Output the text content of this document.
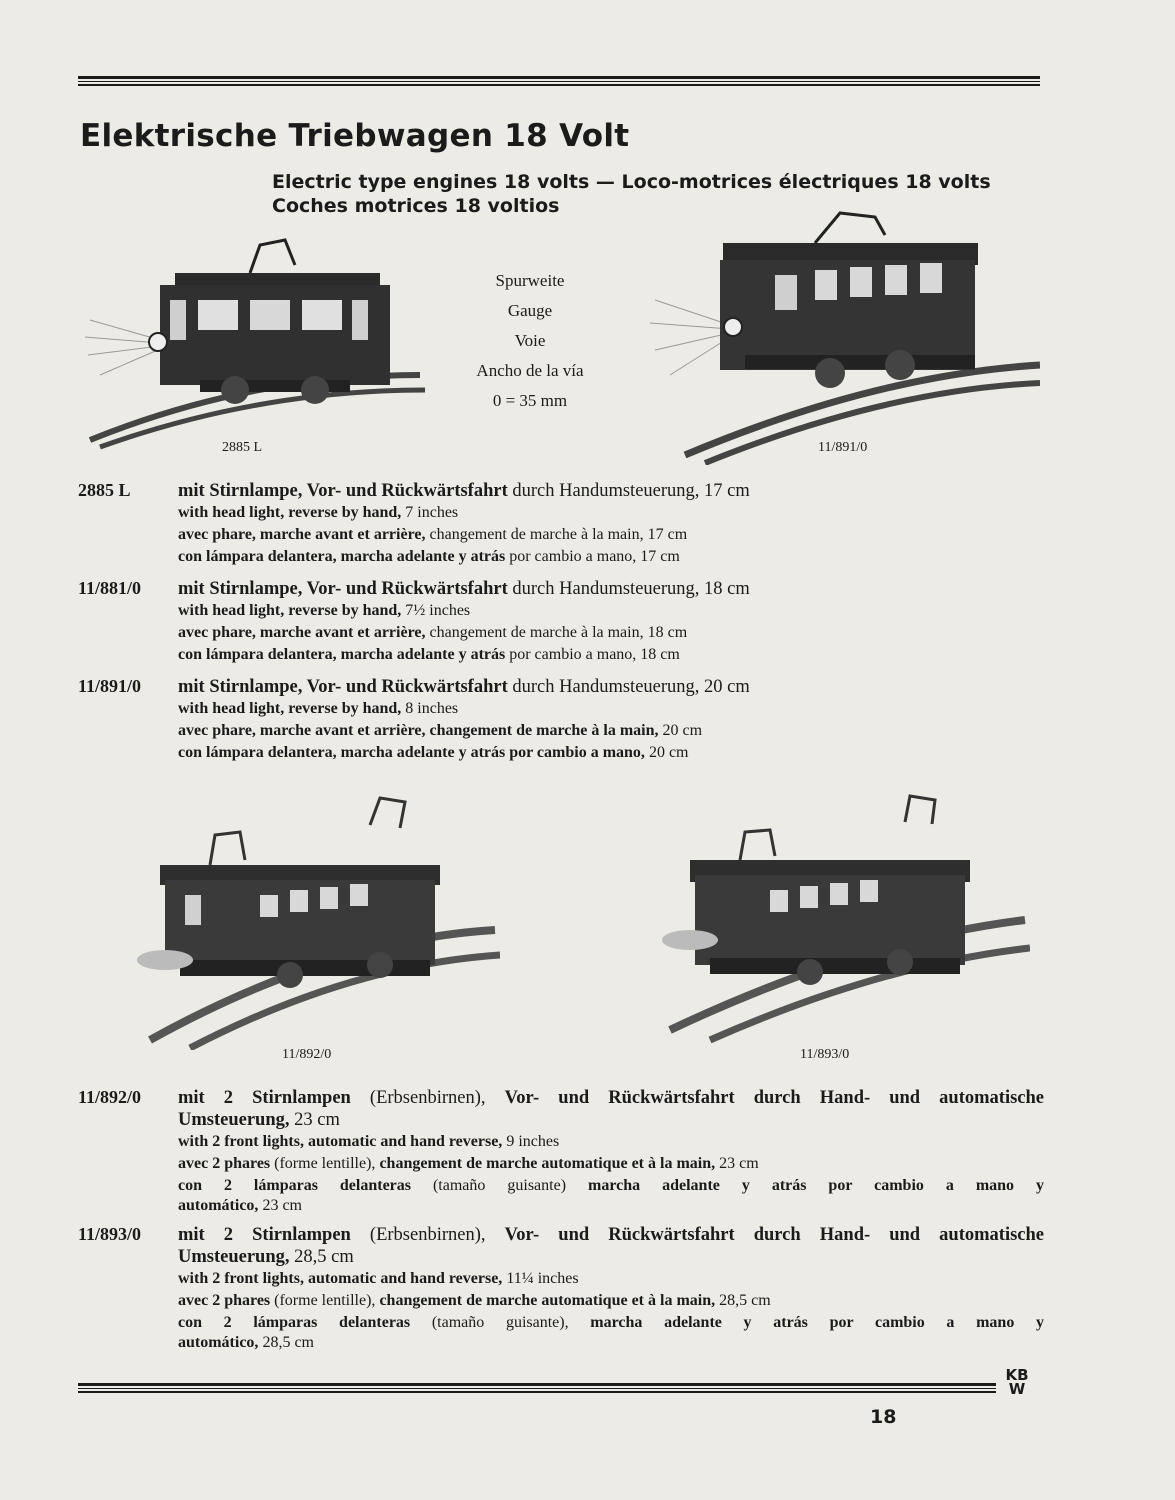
Elektrische Triebwagen 18 Volt
Electric type engines 18 volts — Loco-motrices électriques 18 volts
Coches motrices 18 voltios
2885 L
Spurweite
Gauge
Voie
Ancho de la vía
0 = 35 mm
11/891/0
2885 L	mit Stirnlampe, Vor- und Rückwärtsfahrt durch Handumsteuerung, 17 cm
with head light, reverse by hand, 7 inches
avec phare, marche avant et arrière, changement de marche à la main, 17 cm
con lámpara delantera, marcha adelante y atrás por cambio a mano, 17 cm
11/881/0 mit Stirnlampe, Vor- und Rückwärtsfahrt durch Handumsteuerung, 18 cm
with head light, reverse by hand, 7½ inches
avec phare, marche avant et arrière, changement de marche à la main, 18 cm
con lámpara delantera, marcha adelante y atrás por cambio a mano, 18 cm
11/891/0 mit Stirnlampe, Vor- und Rückwärtsfahrt durch Handumsteuerung, 20 cm
with head light, reverse by hand, 8 inches
avec phare, marche avant et arrière, changement de marche à la main, 20 cm
con lámpara delantera, marcha adelante y atrás por cambio a mano, 20 cm
11/892/0	11/893/0
11/892/0 mit 2 Stirnlampen (Erbsenbirnen), Vor- und Rückwärtsfahrt durch Hand- und automatische
Umsteuerung, 23 cm
with 2 front lights, automatic and hand reverse, 9 inches
avec 2 phares (forme lentille), changement de marche automatique et à la main, 23 cm
con 2 lámparas delanteras (tamaño guisante) marcha adelante y atrás por cambio a mano y
automático, 23 cm
11/893/0 mit 2 Stirnlampen (Erbsenbirnen), Vor- und Rückwärtsfahrt durch Hand- und automatische
Umsteuerung, 28,5 cm
with 2 front lights, automatic and hand reverse, 11¼ inches
avec 2 phares (forme lentille), changement de marche automatique et à la main, 28,5 cm
con 2 lámparas delanteras (tamaño guisante), marcha adelante y atrás por cambio a mano y
automático, 28,5 cm
KB
W
18
